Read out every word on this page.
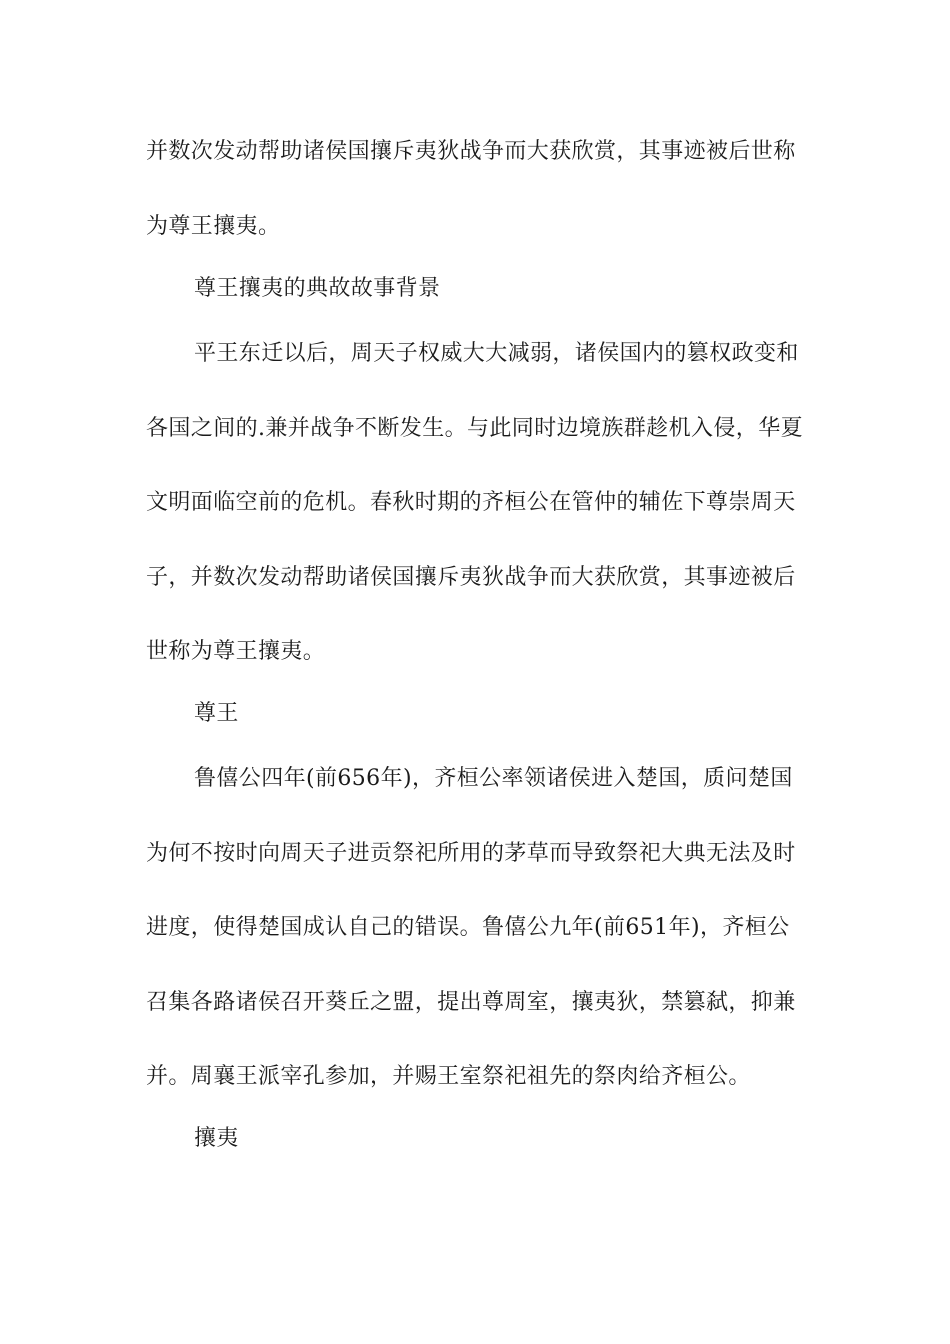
并数次发动帮助诸侯国攘斥夷狄战争而大获欣赏，其事迹被后世称
为尊王攘夷。
尊王攘夷的典故故事背景
平王东迁以后，周天子权威大大减弱，诸侯国内的篡权政变和
各国之间的.兼并战争不断发生。与此同时边境族群趁机入侵，华夏
文明面临空前的危机。春秋时期的齐桓公在管仲的辅佐下尊崇周天
子，并数次发动帮助诸侯国攘斥夷狄战争而大获欣赏，其事迹被后
世称为尊王攘夷。
尊王
鲁僖公四年(前656年)，齐桓公率领诸侯进入楚国，质问楚国
为何不按时向周天子进贡祭祀所用的茅草而导致祭祀大典无法及时
进度，使得楚国成认自己的错误。鲁僖公九年(前651年)，齐桓公
召集各路诸侯召开葵丘之盟，提出尊周室，攘夷狄，禁篡弑，抑兼
并。周襄王派宰孔参加，并赐王室祭祀祖先的祭肉给齐桓公。
攘夷
